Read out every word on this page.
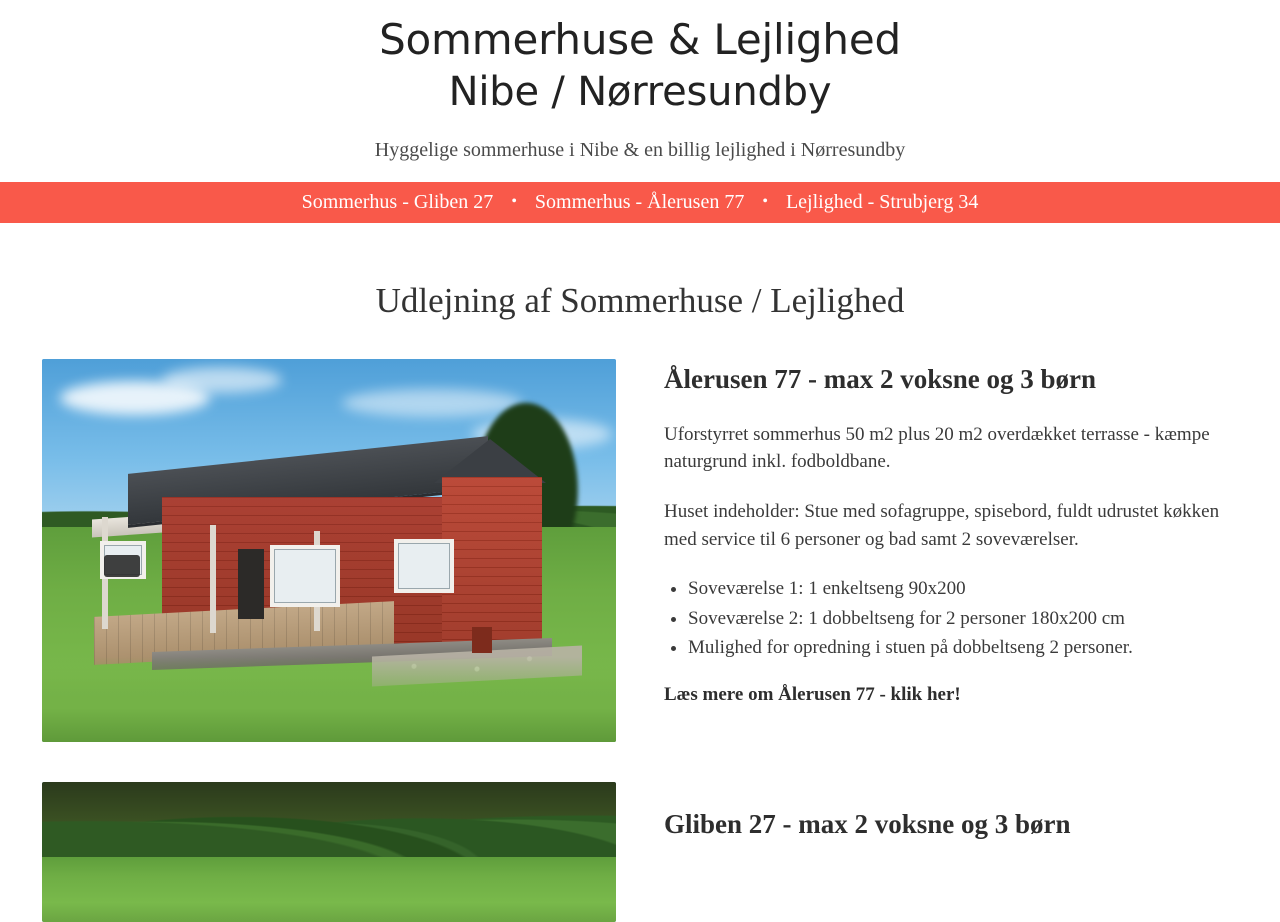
Sommerhuse & Lejlighed
Nibe / Nørresundby

Hyggelige sommerhuse i Nibe & en billig lejlighed i Nørresundby

Sommerhus - Gliben 27	• Sommerhus - Ålerusen 77	• Lejlighed - Strubjerg 34
Udlejning af Sommerhuse / Lejlighed
Ålerusen 77 - max 2 voksne og 3 børn

Uforstyrret sommerhus 50 m2 plus 20 m2 overdækket terrasse - kæmpe naturgrund inkl. fodboldbane.

Huset indeholder: Stue med sofagruppe, spisebord, fuldt udrustet køkken med service til 6 personer og bad samt 2 soveværelser.

• Soveværelse 1: 1 enkeltseng 90x200
• Soveværelse 2: 1 dobbeltseng for 2 personer 180x200 cm
• Mulighed for opredning i stuen på dobbeltseng 2 personer.
Læs mere om Ålerusen 77 - klik her!
Gliben 27 - max 2 voksne og 3 børn
